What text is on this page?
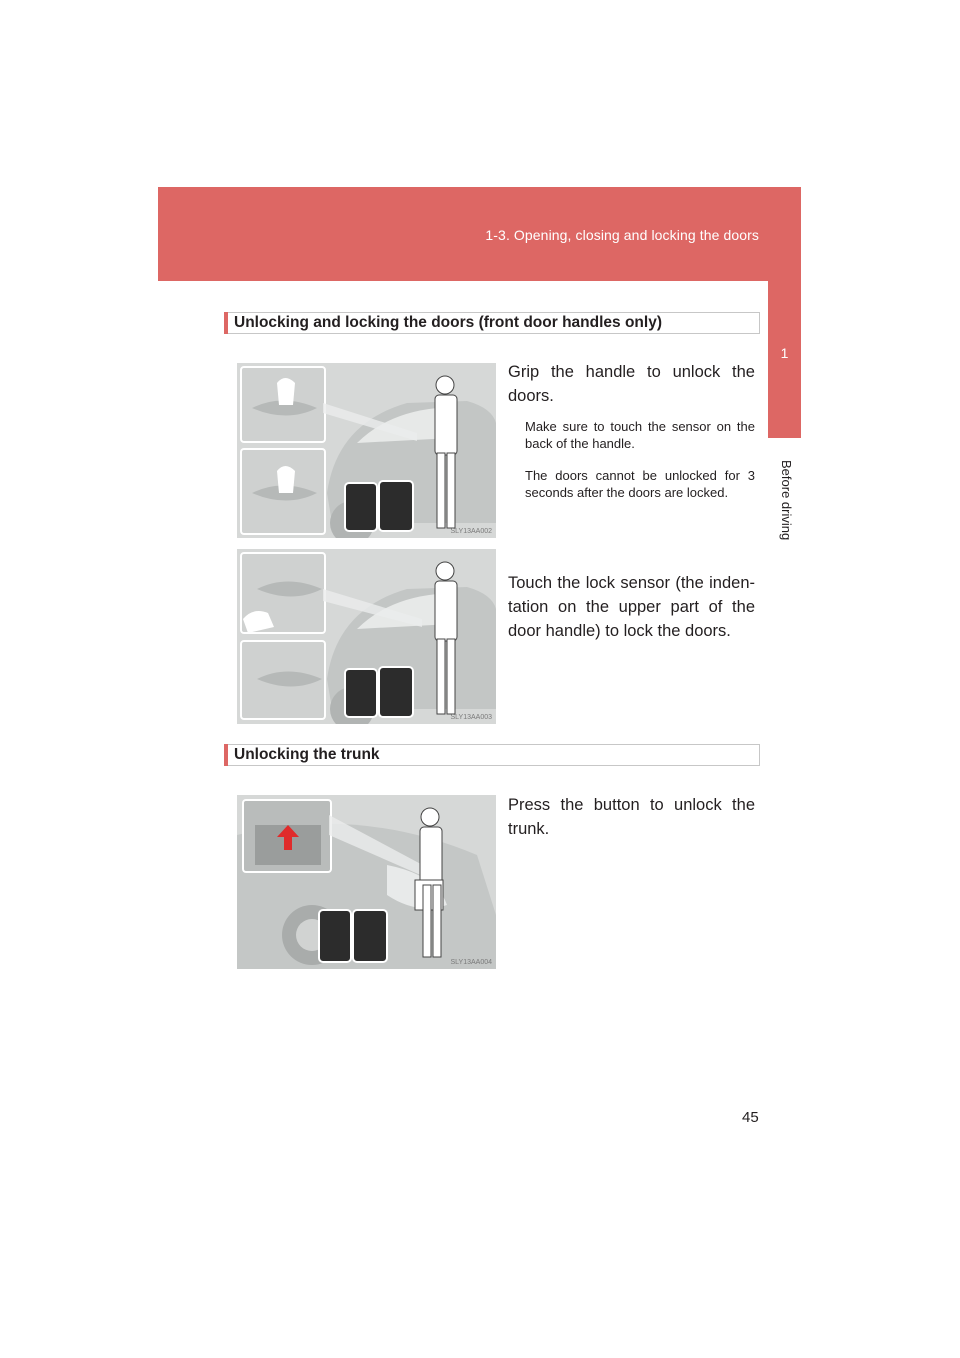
1-3. Opening, closing and locking the doors
1
Before driving
Unlocking and locking the doors (front door handles only)
SLY13AA002
Grip the handle to unlock the doors.
Make sure to touch the sensor on the back of the handle.
The doors cannot be unlocked for 3 seconds after the doors are locked.
SLY13AA003
Touch the lock sensor (the inden- tation on the upper part of the door handle) to lock the doors.
Unlocking the trunk
SLY13AA004
Press the button to unlock the trunk.
45
